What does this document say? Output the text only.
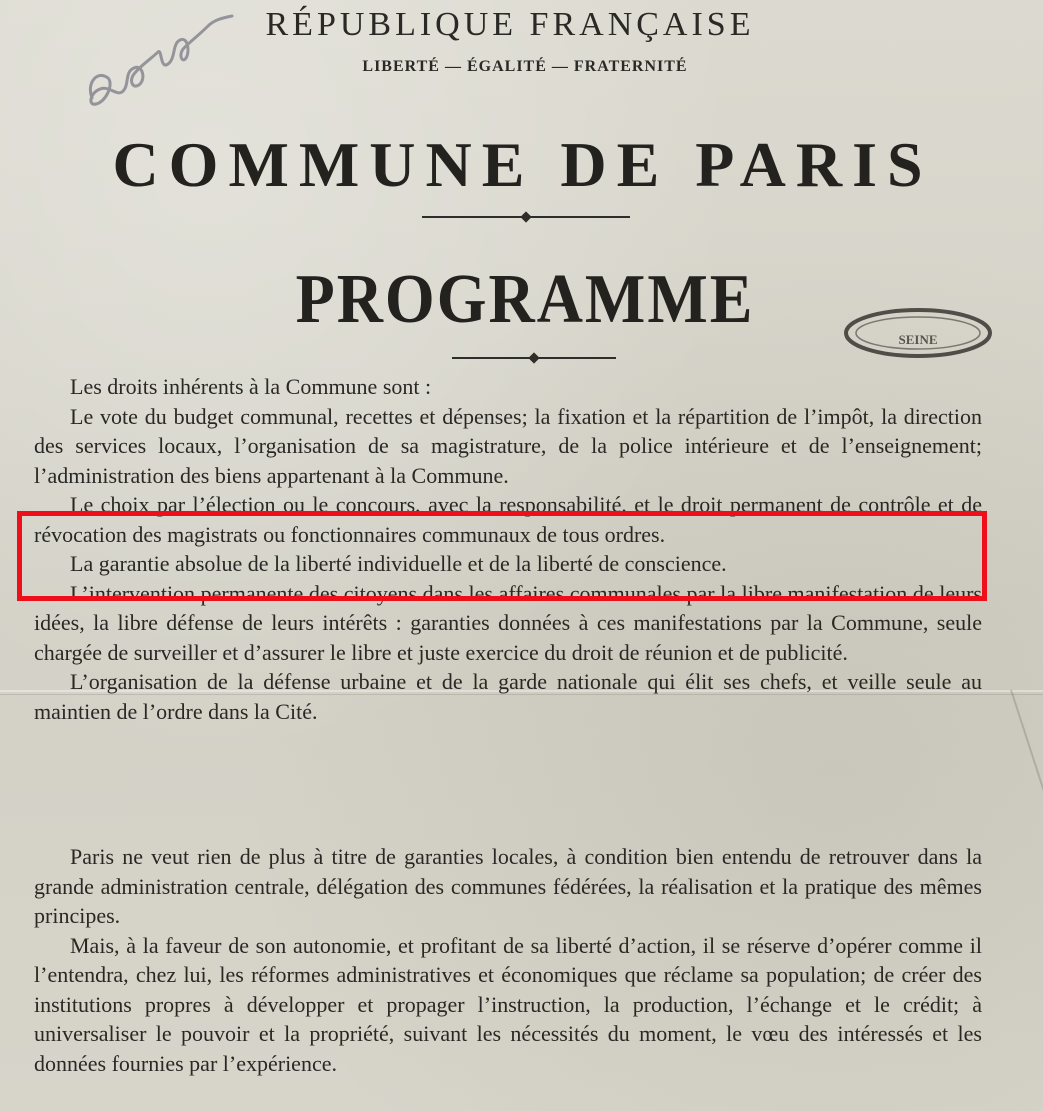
RÉPUBLIQUE FRANÇAISE
LIBERTÉ — ÉGALITÉ — FRATERNITÉ
COMMUNE DE PARIS
PROGRAMME
SEINE

Les droits inhérents à la Commune sont :

Le vote du budget communal, recettes et dépenses; la fixation et la répartition de l’impôt, la direction des services locaux, l’organisation de sa magistrature, de la police intérieure et de l’enseignement; l’administration des biens appartenant à la Commune.

Le choix par l’élection ou le concours, avec la responsabilité, et le droit permanent de contrôle et de révocation des magistrats ou fonctionnaires communaux de tous ordres.

La garantie absolue de la liberté individuelle et de la liberté de conscience.

L’intervention permanente des citoyens dans les affaires communales par la libre manifestation de leurs idées, la libre défense de leurs intérêts : garanties données à ces manifestations par la Commune, seule chargée de surveiller et d’assurer le libre et juste exercice du droit de réunion et de publicité.

L’organisation de la défense urbaine et de la garde nationale qui élit ses chefs, et veille seule au maintien de l’ordre dans la Cité.

Paris ne veut rien de plus à titre de garanties locales, à condition bien entendu de retrouver dans la grande administration centrale, délégation des communes fédérées, la réalisation et la pratique des mêmes principes.

Mais, à la faveur de son autonomie, et profitant de sa liberté d’action, il se réserve d’opérer comme il l’entendra, chez lui, les réformes administratives et économiques que réclame sa population; de créer des institutions propres à développer et propager l’instruction, la production, l’échange et le crédit; à universaliser le pouvoir et la propriété, suivant les nécessités du moment, le vœu des intéressés et les données fournies par l’expérience.
